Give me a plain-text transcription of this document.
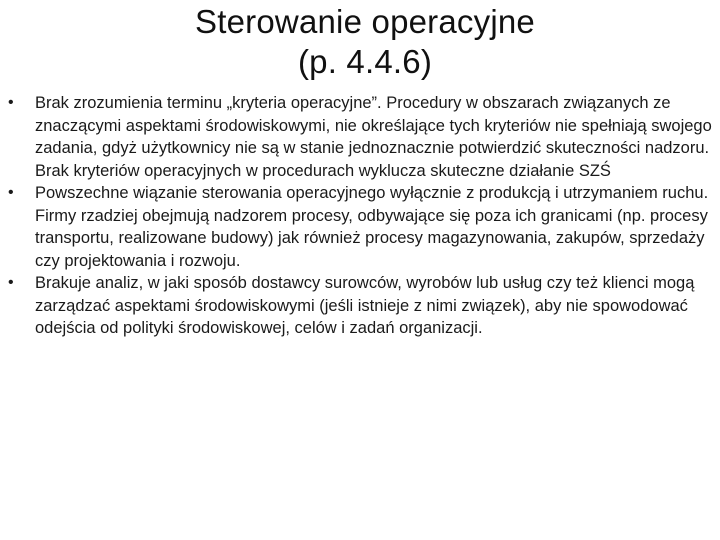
Sterowanie operacyjne
(p. 4.4.6)
• Brak zrozumienia terminu „kryteria operacyjne”. Procedury w obszarach związanych ze znaczącymi aspektami środowiskowymi, nie określające tych kryteriów nie spełniają swojego zadania, gdyż użytkownicy nie są w stanie jednoznacznie potwierdzić skuteczności nadzoru. Brak kryteriów operacyjnych w procedurach wyklucza skuteczne działanie SZŚ
• Powszechne wiązanie sterowania operacyjnego wyłącznie z produkcją i utrzymaniem ruchu. Firmy rzadziej obejmują nadzorem procesy, odbywające się poza ich granicami (np. procesy transportu, realizowane budowy) jak również procesy magazynowania, zakupów, sprzedaży czy projektowania i rozwoju.
• Brakuje analiz, w jaki sposób dostawcy surowców, wyrobów lub usług czy też klienci mogą zarządzać aspektami środowiskowymi (jeśli istnieje z nimi związek), aby nie spowodować odejścia od polityki środowiskowej, celów i zadań organizacji.
